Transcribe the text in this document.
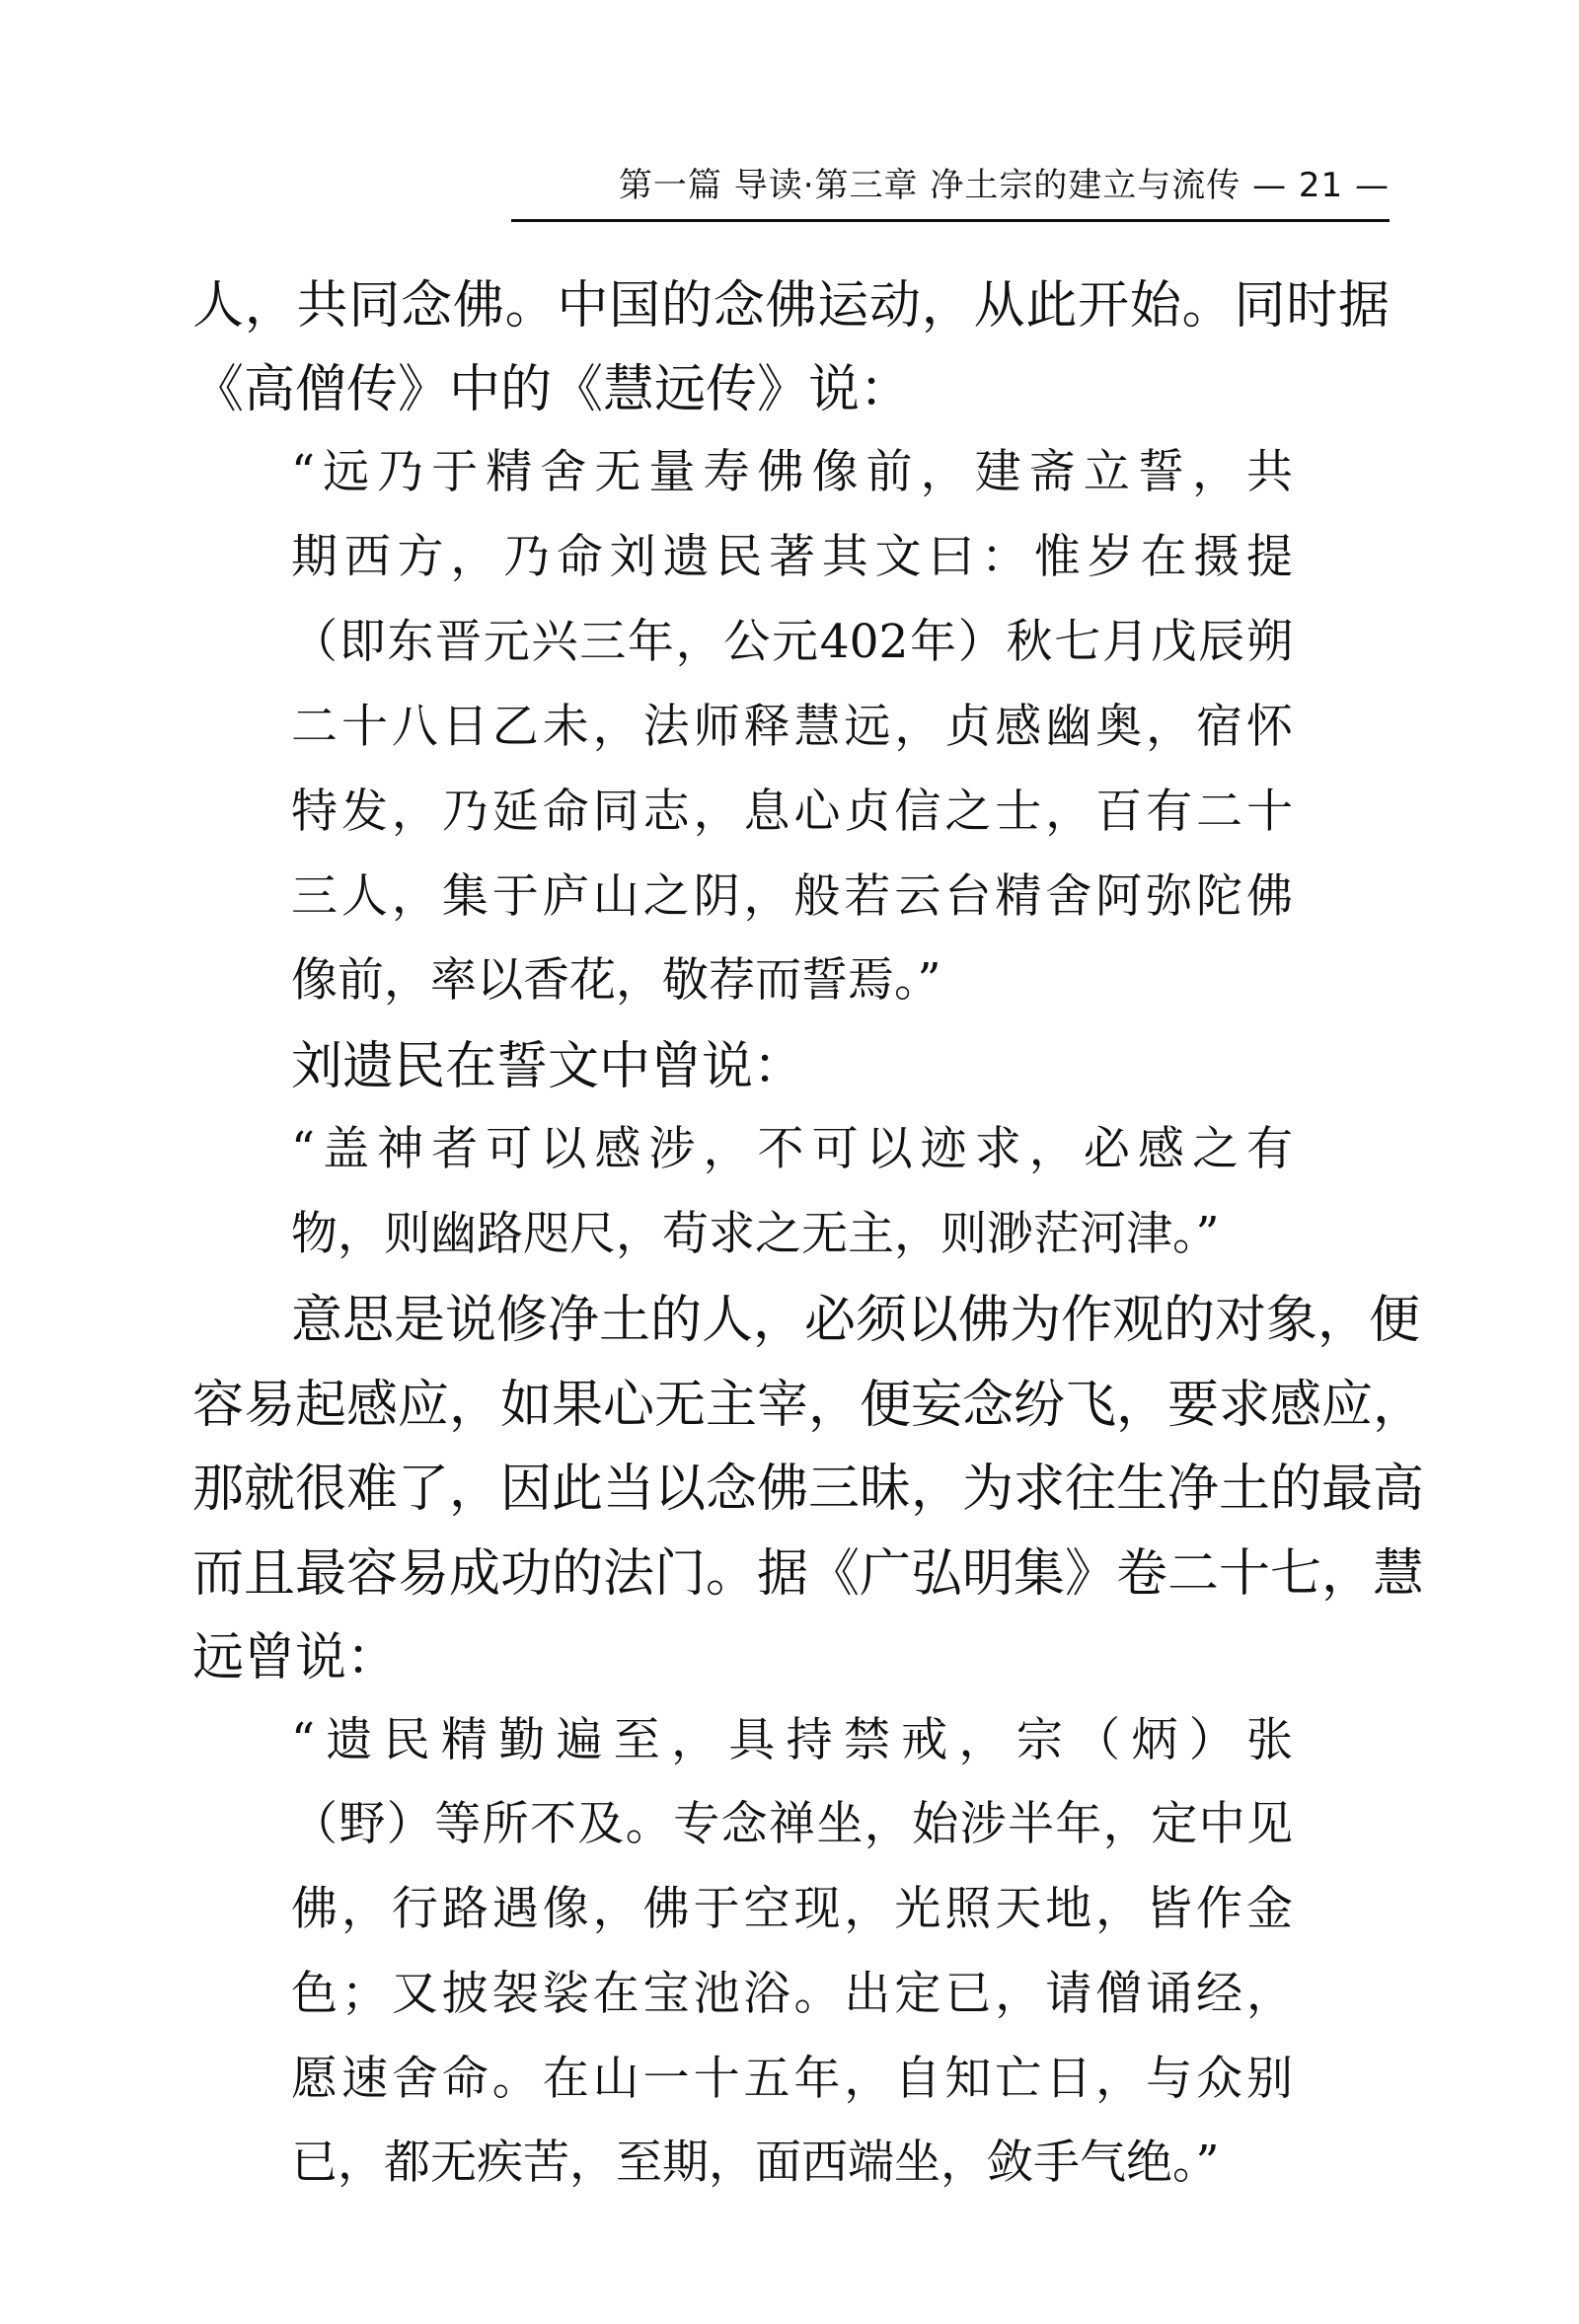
第一篇 导读·第三章 净土宗的建立与流传 — 21 —
人，共同念佛。中国的念佛运动，从此开始。同时据
《高僧传》中的《慧远传》说：
“远乃于精舍无量寿佛像前，建斋立誓，共
期西方，乃命刘遗民著其文曰：惟岁在摄提
（即东晋元兴三年，公元402年）秋七月戊辰朔
二十八日乙未，法师释慧远，贞感幽奥，宿怀
特发，乃延命同志，息心贞信之士，百有二十
三人，集于庐山之阴，般若云台精舍阿弥陀佛
像前，率以香花，敬荐而誓焉。”
刘遗民在誓文中曾说：
“盖神者可以感涉，不可以迹求，必感之有
物，则幽路咫尺，苟求之无主，则渺茫河津。”
意思是说修净土的人，必须以佛为作观的对象，便
容易起感应，如果心无主宰，便妄念纷飞，要求感应，
那就很难了，因此当以念佛三昧，为求往生净土的最高
而且最容易成功的法门。据《广弘明集》卷二十七，慧
远曾说：
“遗民精勤遍至，具持禁戒，宗（炳）张
（野）等所不及。专念禅坐，始涉半年，定中见
佛，行路遇像，佛于空现，光照天地，皆作金
色；又披袈裟在宝池浴。出定已，请僧诵经，
愿速舍命。在山一十五年，自知亡日，与众别
已，都无疾苦，至期，面西端坐，敛手气绝。”
